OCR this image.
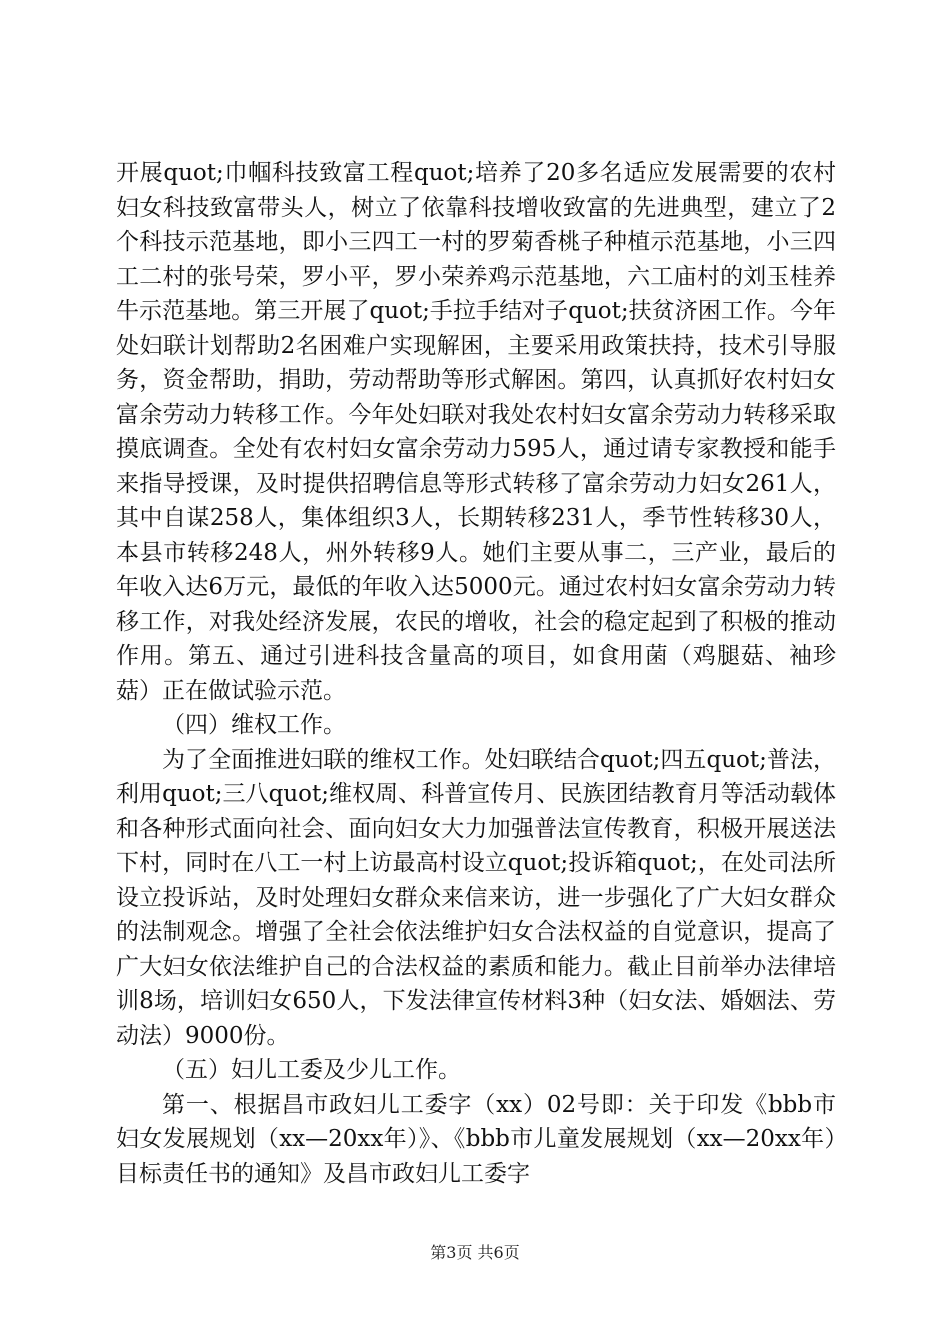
开展quot;巾帼科技致富工程quot;培养了20多名适应发展需要的农村妇女科技致富带头人，树立了依靠科技增收致富的先进典型，建立了2个科技示范基地，即小三四工一村的罗菊香桃子种植示范基地，小三四工二村的张号荣，罗小平，罗小荣养鸡示范基地，六工庙村的刘玉桂养牛示范基地。第三开展了quot;手拉手结对子quot;扶贫济困工作。今年处妇联计划帮助2名困难户实现解困，主要采用政策扶持，技术引导服务，资金帮助，捐助，劳动帮助等形式解困。第四，认真抓好农村妇女富余劳动力转移工作。今年处妇联对我处农村妇女富余劳动力转移采取摸底调查。全处有农村妇女富余劳动力595人，通过请专家教授和能手来指导授课，及时提供招聘信息等形式转移了富余劳动力妇女261人，其中自谋258人，集体组织3人，长期转移231人，季节性转移30人，本县市转移248人，州外转移9人。她们主要从事二，三产业，最后的年收入达6万元，最低的年收入达5000元。通过农村妇女富余劳动力转移工作，对我处经济发展，农民的增收，社会的稳定起到了积极的推动作用。第五、通过引进科技含量高的项目，如食用菌（鸡腿菇、袖珍菇）正在做试验示范。

（四）维权工作。

为了全面推进妇联的维权工作。处妇联结合quot;四五quot;普法，利用quot;三八quot;维权周、科普宣传月、民族团结教育月等活动载体和各种形式面向社会、面向妇女大力加强普法宣传教育，积极开展送法下村，同时在八工一村上访最高村设立quot;投诉箱quot;，在处司法所设立投诉站，及时处理妇女群众来信来访，进一步强化了广大妇女群众的法制观念。增强了全社会依法维护妇女合法权益的自觉意识，提高了广大妇女依法维护自己的合法权益的素质和能力。截止目前举办法律培训8场，培训妇女650人，下发法律宣传材料3种（妇女法、婚姻法、劳动法）9000份。

（五）妇儿工委及少儿工作。

第一、根据昌市政妇儿工委字（xx）02号即：关于印发《bbb市妇女发展规划（xx—20xx年）》、《bbb市儿童发展规划（xx—20xx年）目标责任书的通知》及昌市政妇儿工委字

第3页 共6页
